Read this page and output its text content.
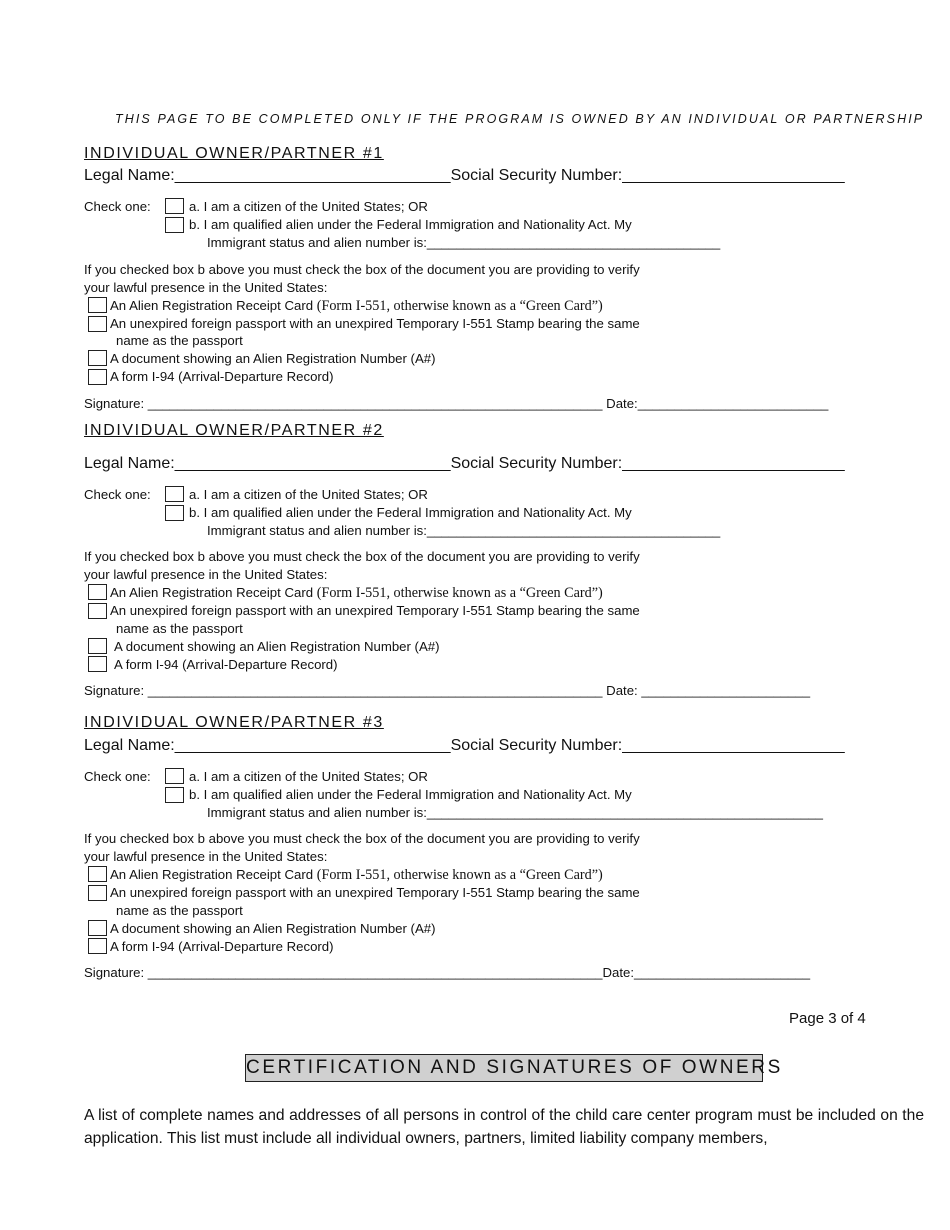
THIS PAGE TO BE COMPLETED ONLY IF THE PROGRAM IS OWNED BY AN INDIVIDUAL OR PARTNERSHIP
INDIVIDUAL OWNER/PARTNER #1
Legal Name:_______________________________Social Security Number:_________________________
Check one:	a. I am a citizen of the United States; OR
b. I am qualified alien under the Federal Immigration and Nationality Act. My
Immigrant status and alien number is:________________________________________
If you checked box b above you must check the box of the document you are providing to verify
your lawful presence in the United States:
An Alien Registration Receipt Card (Form I-551, otherwise known as a “Green Card”)
An unexpired foreign passport with an unexpired Temporary I-551 Stamp bearing the same
name as the passport
A document showing an Alien Registration Number (A#)
A form I-94 (Arrival-Departure Record)
Signature: ______________________________________________________________ Date:__________________________
INDIVIDUAL OWNER/PARTNER #2
Legal Name:_______________________________Social Security Number:_________________________
Check one:	a. I am a citizen of the United States; OR
b. I am qualified alien under the Federal Immigration and Nationality Act. My
Immigrant status and alien number is:________________________________________
If you checked box b above you must check the box of the document you are providing to verify
your lawful presence in the United States:
An Alien Registration Receipt Card (Form I-551, otherwise known as a “Green Card”)
An unexpired foreign passport with an unexpired Temporary I-551 Stamp bearing the same
name as the passport
A document showing an Alien Registration Number (A#)
A form I-94 (Arrival-Departure Record)
Signature: ______________________________________________________________ Date: _______________________
INDIVIDUAL OWNER/PARTNER #3
Legal Name:_______________________________Social Security Number:_________________________
Check one:	a. I am a citizen of the United States; OR
b. I am qualified alien under the Federal Immigration and Nationality Act. My
Immigrant status and alien number is:______________________________________________________
If you checked box b above you must check the box of the document you are providing to verify
your lawful presence in the United States:
An Alien Registration Receipt Card (Form I-551, otherwise known as a “Green Card”)
An unexpired foreign passport with an unexpired Temporary I-551 Stamp bearing the same
name as the passport
A document showing an Alien Registration Number (A#)
A form I-94 (Arrival-Departure Record)
Signature: ______________________________________________________________Date:________________________
Page 3 of 4
CERTIFICATION AND SIGNATURES OF OWNERS
A list of complete names and addresses of all persons in control of the child care center program must be included on the application. This list must include all individual owners, partners, limited liability company members,
